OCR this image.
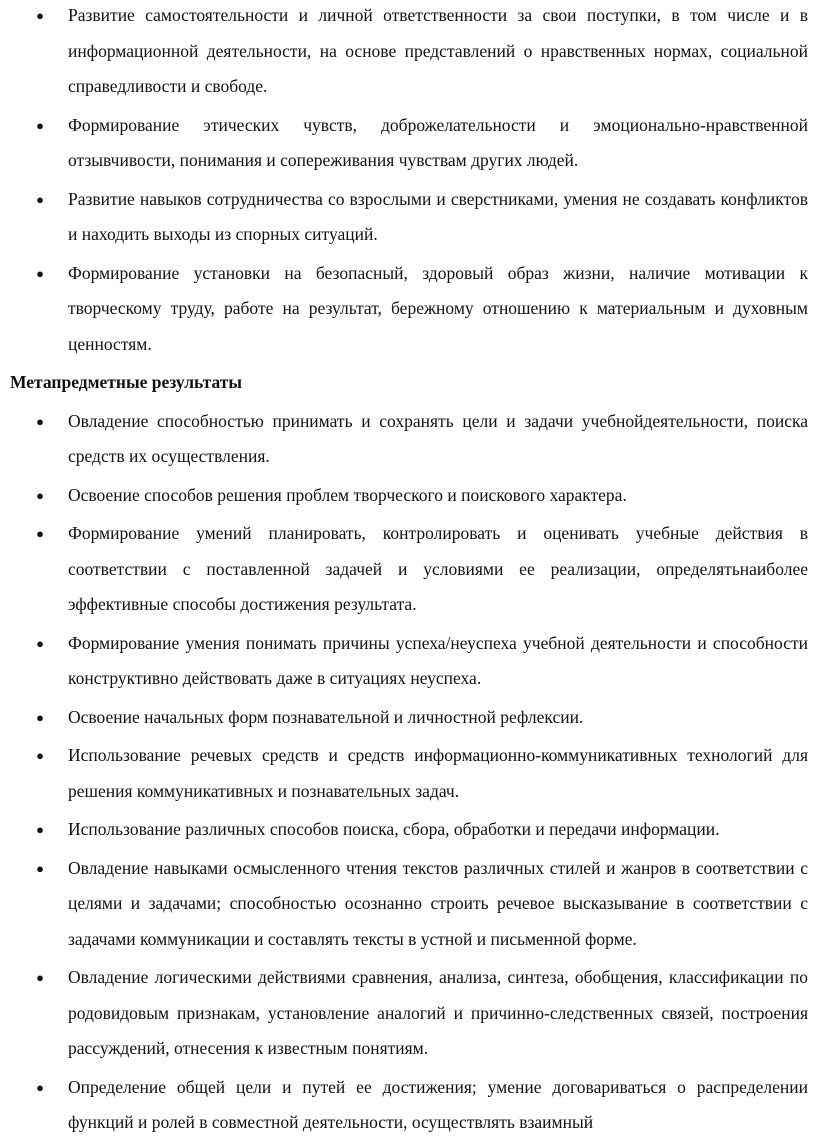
● Развитие самостоятельности и личной ответственности за свои поступки, в том числе и в информационной деятельности, на основе представлений о нравственных нормах, социальной справедливости и свободе.
● Формирование этических чувств, доброжелательности и эмоционально-нравственной отзывчивости, понимания и сопереживания чувствам других людей.
● Развитие навыков сотрудничества со взрослыми и сверстниками, умения не создавать конфликтов и находить выходы из спорных ситуаций.
● Формирование установки на безопасный, здоровый образ жизни, наличие мотивации к творческому труду, работе на результат, бережному отношению к материальным и духовным ценностям.
Метапредметные результаты
● Овладение способностью принимать и сохранять цели и задачи учебнойдеятельности, поиска средств их осуществления.
● Освоение способов решения проблем творческого и поискового характера.
● Формирование умений планировать, контролировать и оценивать учебные действия в соответствии с поставленной задачей и условиями ее реализации, определятьнаиболее эффективные способы достижения результата.
● Формирование умения понимать причины успеха/неуспеха учебной деятельности и способности конструктивно действовать даже в ситуациях неуспеха.
● Освоение начальных форм познавательной и личностной рефлексии.
● Использование речевых средств и средств информационно-коммуникативных технологий для решения коммуникативных и познавательных задач.
● Использование различных способов поиска, сбора, обработки и передачи информации.
● Овладение навыками осмысленного чтения текстов различных стилей и жанров в соответствии с целями и задачами; способностью осознанно строить речевое высказывание в соответствии с задачами коммуникации и составлять тексты в устной и письменной форме.
● Овладение логическими действиями сравнения, анализа, синтеза, обобщения, классификации по родовидовым признакам, установление аналогий и причинно-следственных связей, построения рассуждений, отнесения к известным понятиям.
● Определение общей цели и путей ее достижения; умение договариваться о распределении функций и ролей в совместной деятельности, осуществлять взаимный
